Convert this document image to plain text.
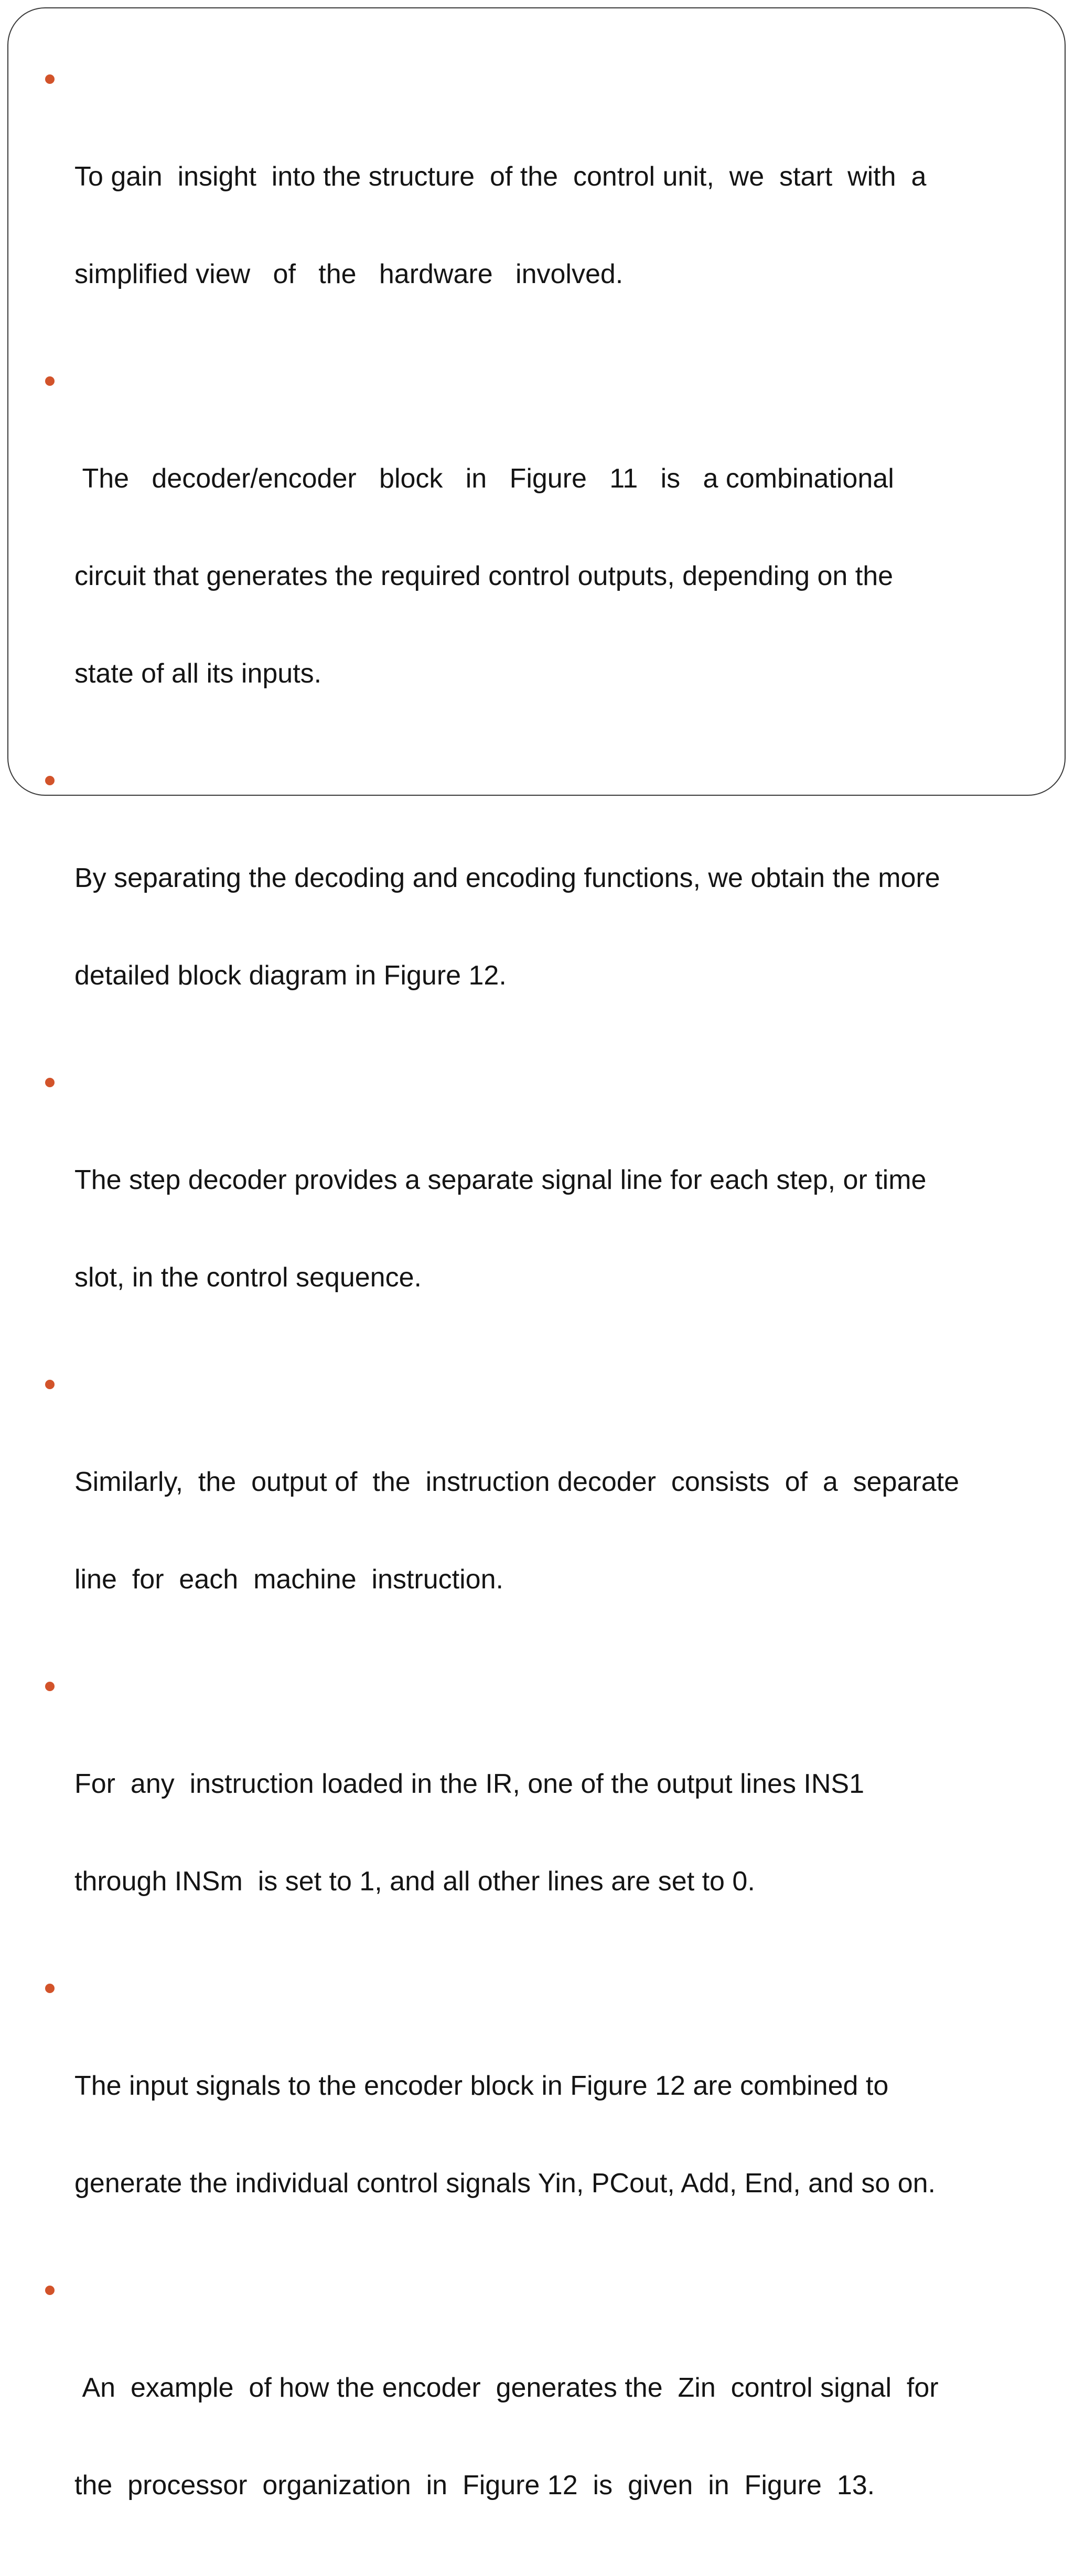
To gain  insight  into the structure  of the  control unit,  we  start  with  a

simplified view   of   the   hardware   involved.

The   decoder/encoder   block   in   Figure   11   is   a combinational

circuit that generates the required control outputs, depending on the

state of all its inputs.

By separating the decoding and encoding functions, we obtain the more

detailed block diagram in Figure 12.

The step decoder provides a separate signal line for each step, or time

slot, in the control sequence.

Similarly,  the  output of  the  instruction decoder  consists  of  a  separate

line  for  each  machine  instruction.

For  any  instruction loaded in the IR, one of the output lines INS1

through INSm  is set to 1, and all other lines are set to 0.

The input signals to the encoder block in Figure 12 are combined to

generate the individual control signals Yin, PCout, Add, End, and so on.

An  example  of how the encoder  generates the  Zin  control signal  for

the  processor  organization  in  Figure 12  is  given  in  Figure  13.
